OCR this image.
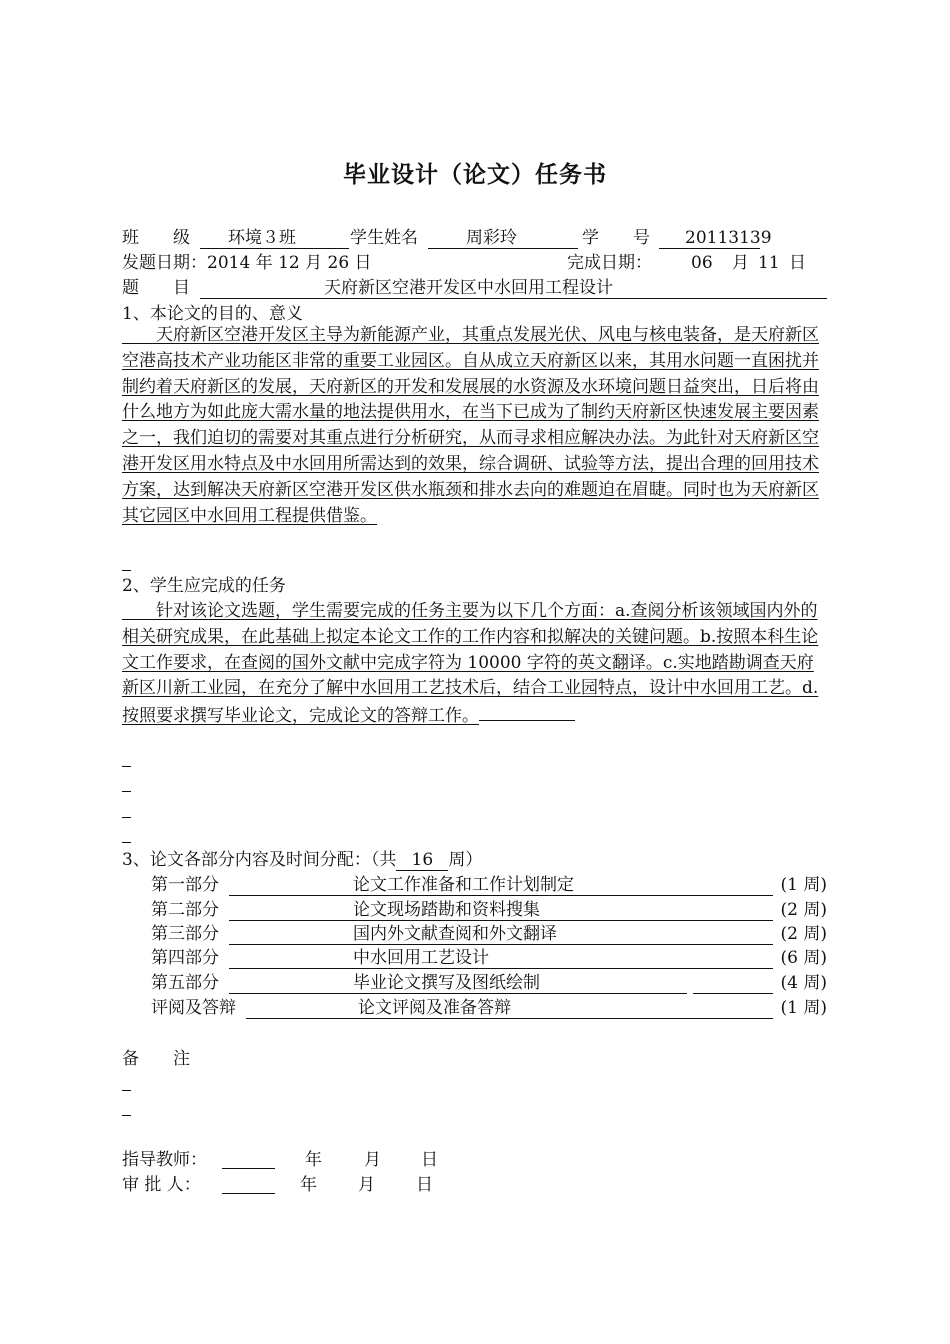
毕业设计（论文）任务书
班　　级	环境３班	学生姓名	周彩玲	学　　号	20113139
发题日期： 2014 年 12 月 26 日	完成日期： 06 月 11 日
题　　目	天府新区空港开发区中水回用工程设计
1、本论文的目的、意义
　　天府新区空港开发区主导为新能源产业，其重点发展光伏、风电与核电装备，是天府新区空港高技术产业功能区非常的重要工业园区。自从成立天府新区以来，其用水问题一直困扰并制约着天府新区的发展，天府新区的开发和发展展的水资源及水环境问题日益突出，日后将由什么地方为如此庞大需水量的地法提供用水，在当下已成为了制约天府新区快速发展主要因素之一，我们迫切的需要对其重点进行分析研究，从而寻求相应解决办法。为此针对天府新区空港开发区用水特点及中水回用所需达到的效果，综合调研、试验等方法，提出合理的回用技术方案，达到解决天府新区空港开发区供水瓶颈和排水去向的难题迫在眉睫。同时也为天府新区其它园区中水回用工程提供借鉴。
2、学生应完成的任务
　　针对该论文选题，学生需要完成的任务主要为以下几个方面：a.查阅分析该领域国内外的相关研究成果，在此基础上拟定本论文工作的工作内容和拟解决的关键问题。b.按照本科生论文工作要求，在查阅的国外文献中完成字符为 10000 字符的英文翻译。c.实地踏勘调查天府新区川新工业园，在充分了解中水回用工艺技术后，结合工业园特点，设计中水回用工艺。d.按照要求撰写毕业论文，完成论文的答辩工作。
3、论文各部分内容及时间分配：（共 16 周）
第一部分	论文工作准备和工作计划制定	(1 周)
第二部分	论文现场踏勘和资料搜集	(2 周)
第三部分	国内外文献查阅和外文翻译	(2 周)
第四部分	中水回用工艺设计	(6 周)
第五部分	毕业论文撰写及图纸绘制	(4 周)
评阅及答辩	论文评阅及准备答辩	(1 周)
备　　注
指导教师：	年 月 日
审 批 人：	年 月 日
